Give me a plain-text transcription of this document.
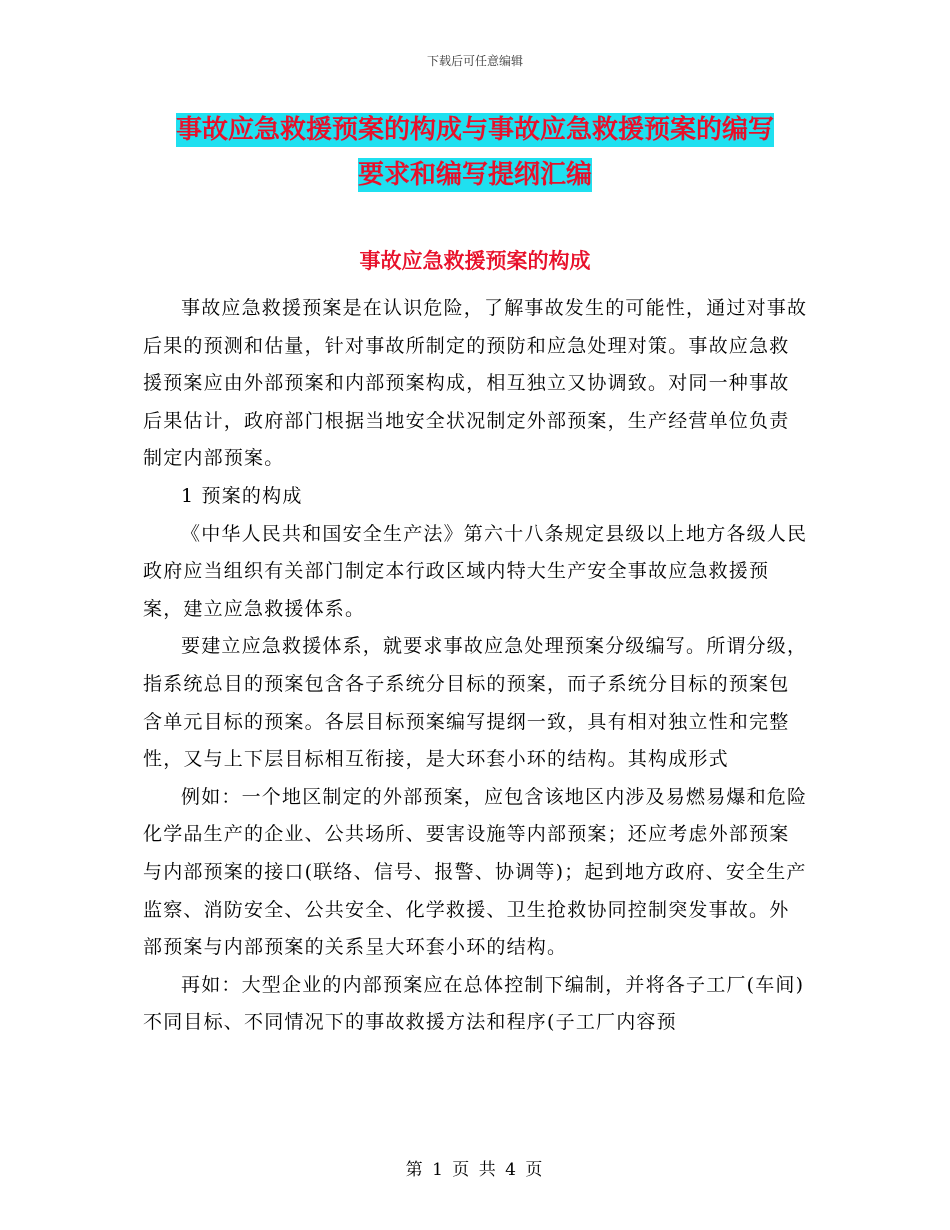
下载后可任意编辑
事故应急救援预案的构成与事故应急救援预案的编写
要求和编写提纲汇编
事故应急救援预案的构成

事故应急救援预案是在认识危险，了解事故发生的可能性，通过对事故后果的预测和估量，针对事故所制定的预防和应急处理对策。事故应急救援预案应由外部预案和内部预案构成，相互独立又协调致。对同一种事故后果估计，政府部门根据当地安全状况制定外部预案，生产经营单位负责制定内部预案。

1 预案的构成

《中华人民共和国安全生产法》第六十八条规定县级以上地方各级人民政府应当组织有关部门制定本行政区域内特大生产安全事故应急救援预案，建立应急救援体系。

要建立应急救援体系，就要求事故应急处理预案分级编写。所谓分级，指系统总目的预案包含各子系统分目标的预案，而子系统分目标的预案包含单元目标的预案。各层目标预案编写提纲一致，具有相对独立性和完整性，又与上下层目标相互衔接，是大环套小环的结构。其构成形式

例如：一个地区制定的外部预案，应包含该地区内涉及易燃易爆和危险化学品生产的企业、公共场所、要害设施等内部预案；还应考虑外部预案与内部预案的接口(联络、信号、报警、协调等)；起到地方政府、安全生产监察、消防安全、公共安全、化学救援、卫生抢救协同控制突发事故。外部预案与内部预案的关系呈大环套小环的结构。

再如：大型企业的内部预案应在总体控制下编制，并将各子工厂(车间)不同目标、不同情况下的事故救援方法和程序(子工厂内容预

第 1 页 共 4 页
